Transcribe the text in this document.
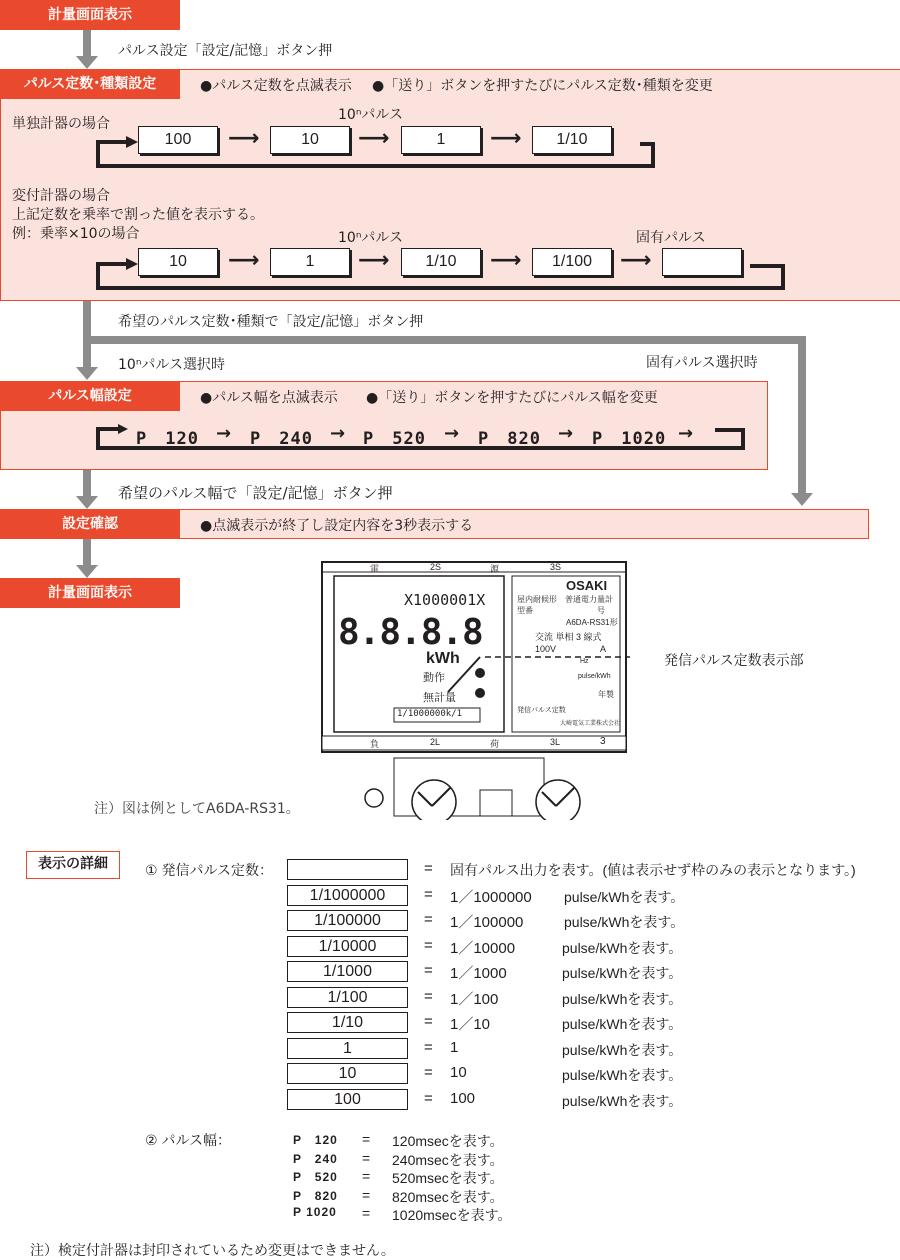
計量画面表示
パルス設定「設定/記憶」ボタン押
パルス定数･種類設定	●パルス定数を点滅表示 ●「送り」ボタンを押すたびにパルス定数･種類を変更
単独計器の場合
10ⁿパルス
100	⟶	10	⟶	1	⟶	1/10
変付計器の場合
上記定数を乗率で割った値を表示する。
例：乗率×10の場合	10ⁿパルス	固有パルス
10	⟶	1	⟶	1/10	⟶	1/100	⟶
希望のパルス定数･種類で「設定/記憶」ボタン押
10ⁿパルス選択時	固有パルス選択時
パルス幅設定	●パルス幅を点滅表示 ●「送り」ボタンを押すたびにパルス幅を変更
P　120 → P　240 → P　520 → P　820 → P　1020 →
希望のパルス幅で「設定/記憶」ボタン押
設定確認	●点滅表示が終了し設定内容を3秒表示する
計量画面表示
電	2S	源	3S
X1000001X
8.8.8.8
kWh
動作
無計量
1/1000000k/1
OSAKI
屋内耐候形　普通電力量計
型番	号
A6DA-RS31形
交流 単相 3 線式
100V	A
Hz
pulse/kWh
年製
発信パルス定数
大崎電気工業株式会社
負	2L	荷	3L	3
発信パルス定数表示部
注）図は例としてA6DA-RS31。
表示の詳細	① 発信パルス定数：	= 固有パルス出力を表す。(値は表示せず枠のみの表示となります。)
1/1000000	= 1／1000000 pulse/kWhを表す。
1/100000	= 1／100000	pulse/kWhを表す。
1/10000	= 1／10000	pulse/kWhを表す。
1/1000	= 1／1000	pulse/kWhを表す。
1/100	= 1／100	pulse/kWhを表す。
1/10	= 1／10	pulse/kWhを表す。
1	= 1	pulse/kWhを表す。
10	= 10	pulse/kWhを表す。
100	= 100	pulse/kWhを表す。
② パルス幅：	P　120 = 120msecを表す。
P　240 = 240msecを表す。
P　520 = 520msecを表す。
P　820 = 820msecを表す。
P 1020 = 1020msecを表す。
注）検定付計器は封印されているため変更はできません。
